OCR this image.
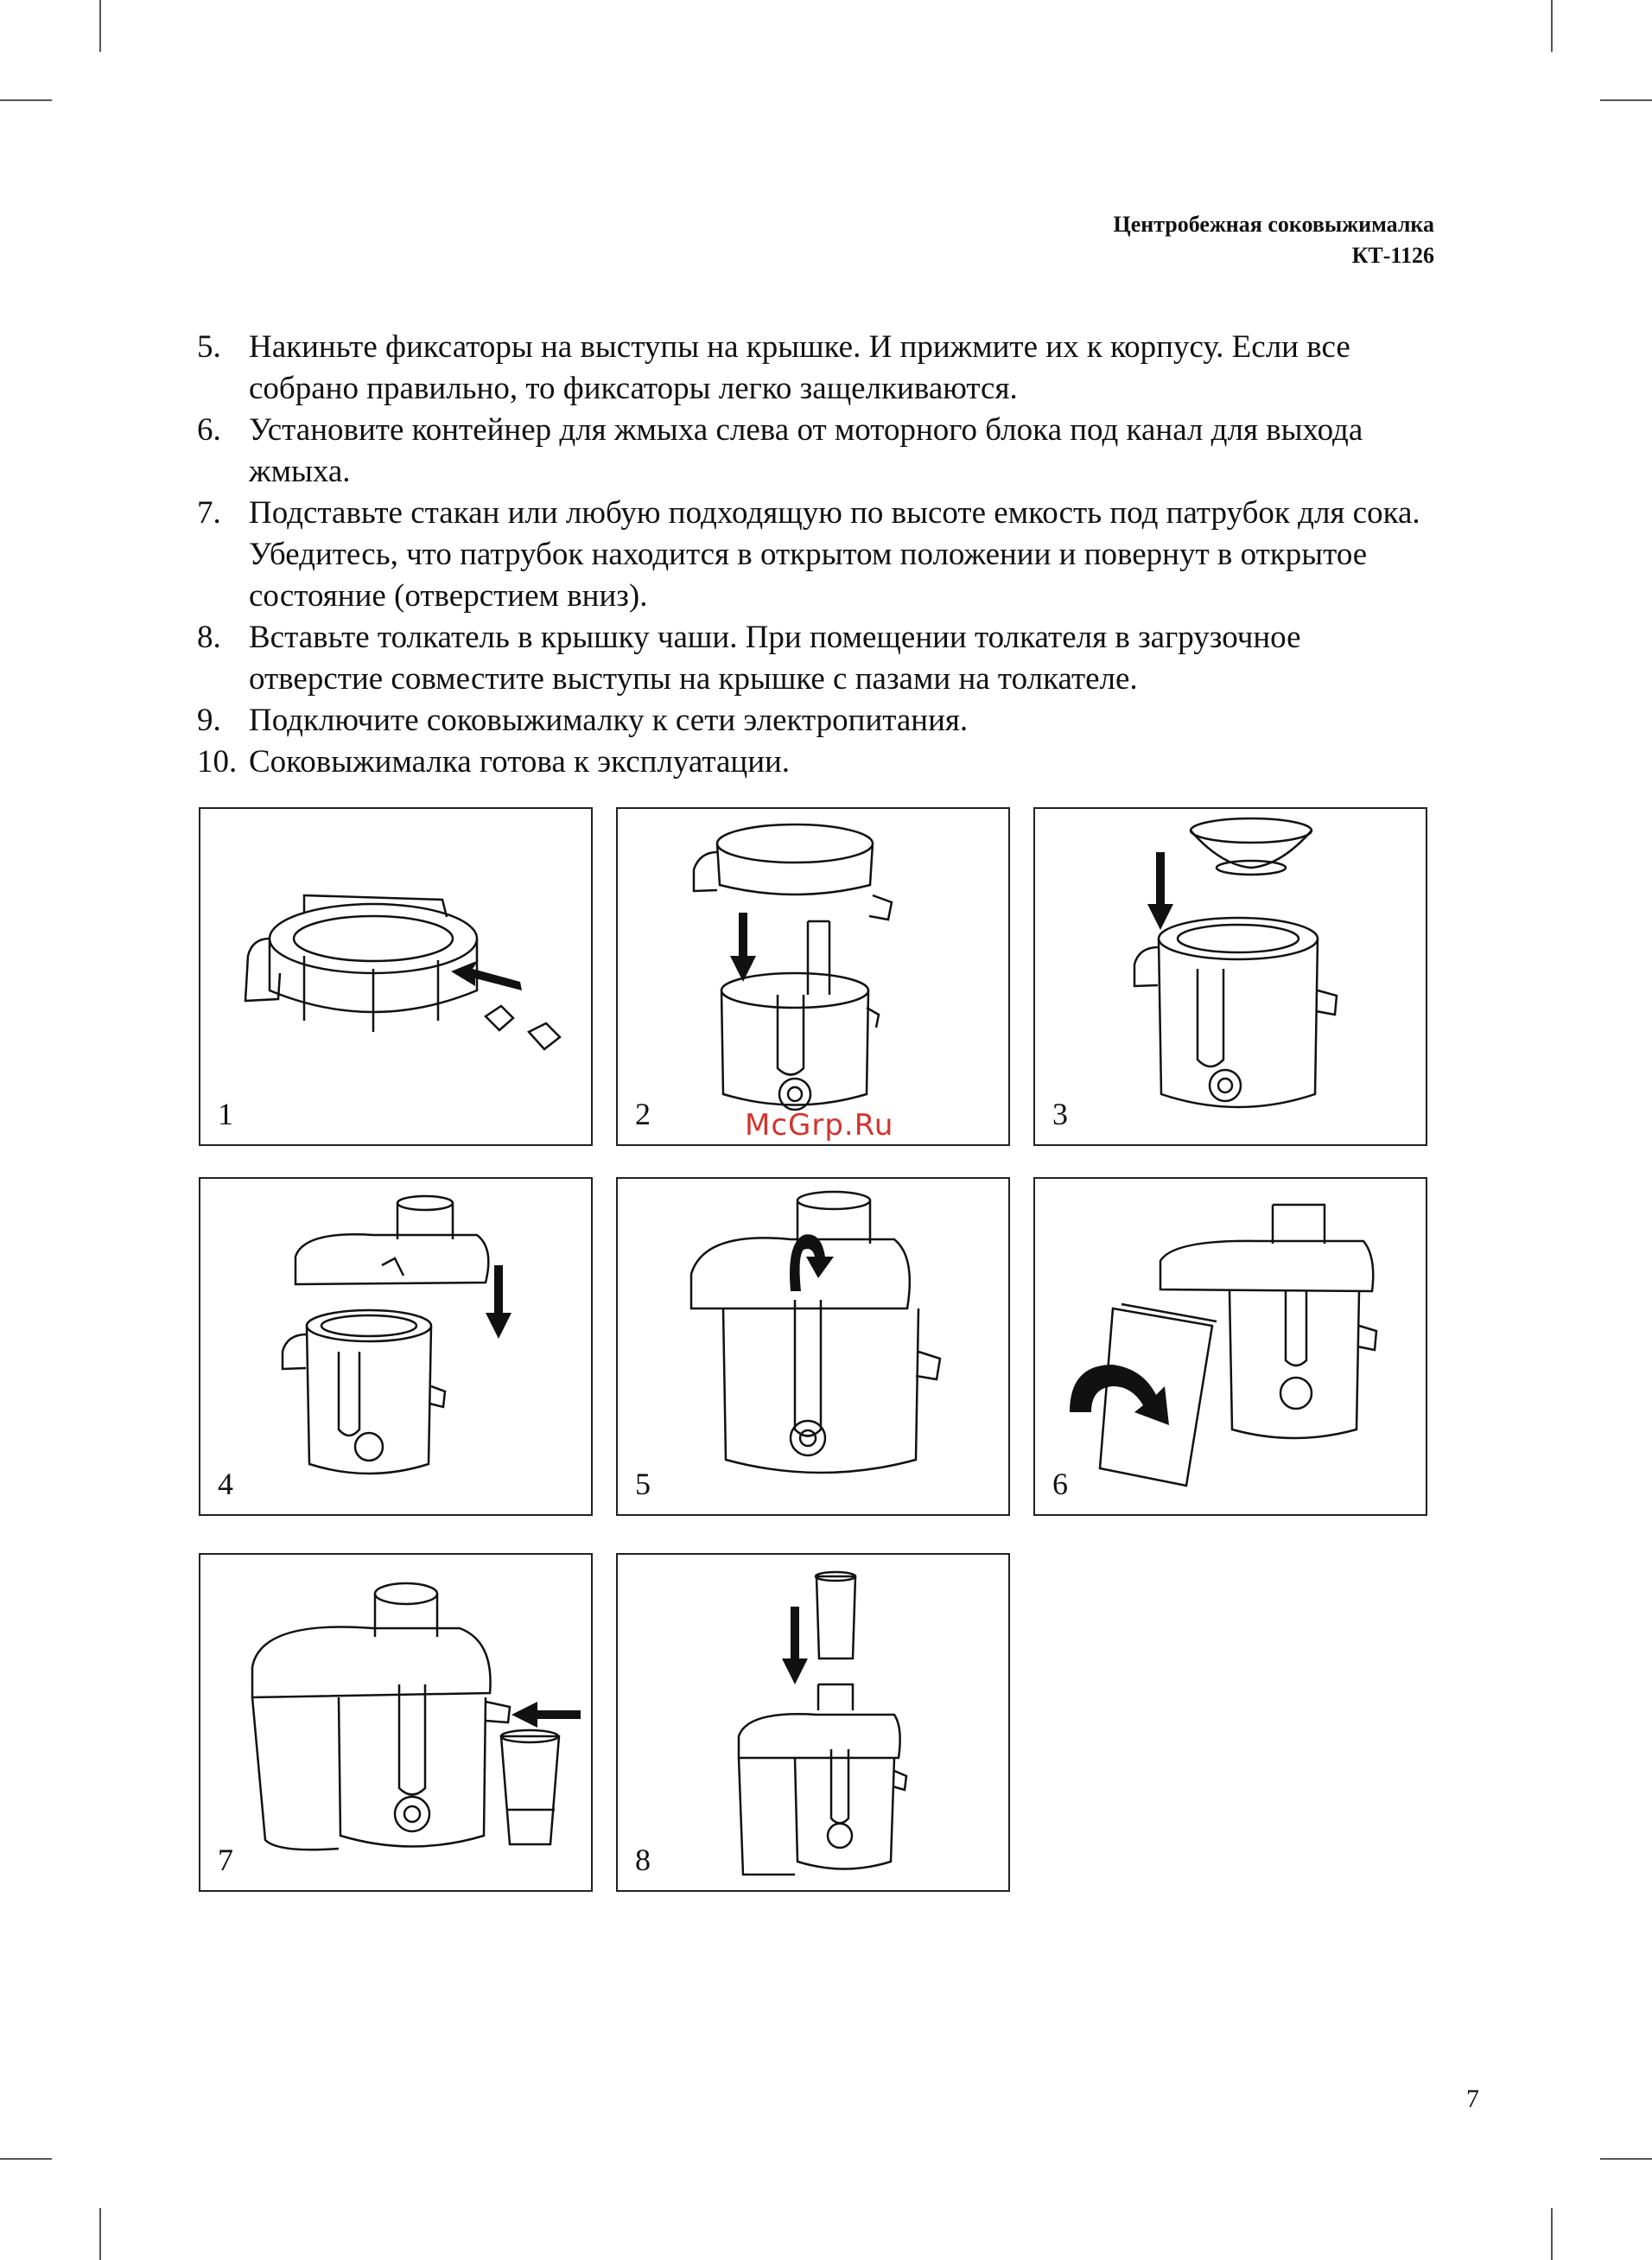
Центробежная соковыжималка
КТ-1126
5. Накиньте фиксаторы на выступы на крышке. И прижмите их к корпусу. Если все собрано правильно, то фиксаторы легко защелкиваются.
6. Установите контейнер для жмыха слева от моторного блока под канал для выхода жмыха.
7. Подставьте стакан или любую подходящую по высоте емкость под патрубок для сока. Убедитесь, что патрубок находится в открытом положении и повернут в открытое состояние (отверстием вниз).
8. Вставьте толкатель в крышку чаши. При помещении толкателя в загрузочное отверстие совместите выступы на крышке с пазами на толкателе.
9. Подключите соковыжималку к сети электропитания.
10. Соковыжималка готова к эксплуатации.
1	2	3
4	5	6
7	8
McGrp.Ru
7
